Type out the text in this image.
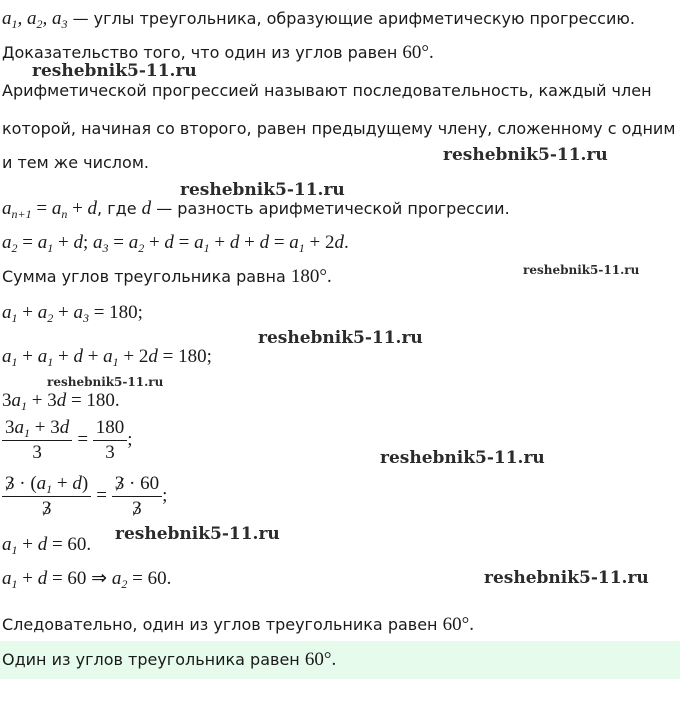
$a_1$, $a_2$, $a_3$ — углы треугольника, образующие арифметическую прогрессию.
Доказательство того, что один из углов равен 60°.
reshebnik5-11.ru
Арифметической прогрессией называют последовательность, каждый член
которой, начиная со второго, равен предыдущему члену, сложенному с одним
и тем же числом.	reshebnik5-11.ru
reshebnik5-11.ru
$a_{n+1} = a_n + d$, где d — разность арифметической прогрессии.
$a_2 = a_1 + d$; $a_3 = a_2 + d = a_1 + d + d = a_1 + 2d$.
Сумма углов треугольника равна 180°.	reshebnik5-11.ru
$a_1 + a_2 + a_3 = 180$;
reshebnik5-11.ru
$a_1 + a_1 + d + a_1 + 2d = 180$;
reshebnik5-11.ru
$3a_1 + 3d = 180$.
$\frac{3a_1 + 3d}{3} = \frac{180}{3}$ ;
reshebnik5-11.ru
$\frac{3 \cdot (a_1 + d)}{3} = \frac{3 \cdot 60}{3}$ ;
reshebnik5-11.ru
$a_1 + d = 60$.
$a_1 + d = 60$ ⇒ $a_2 = 60$.	reshebnik5-11.ru
Следовательно, один из углов треугольника равен 60°.
Один из углов треугольника равен 60°.
